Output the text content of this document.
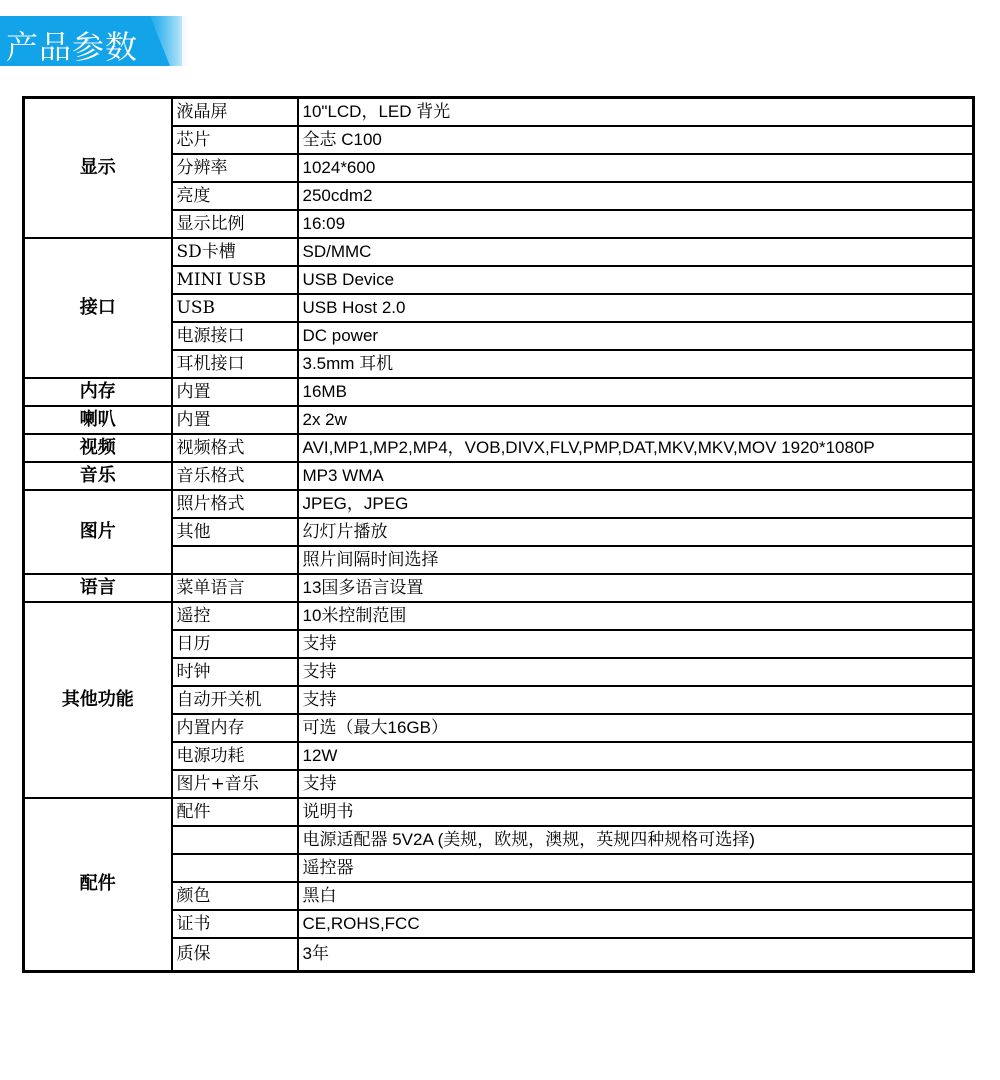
产品参数
显示	液晶屏	10"LCD，LED 背光
	芯片	全志 C100
	分辨率	1024*600
	亮度	250cdm2
	显示比例	16:09
接口	SD卡槽	SD/MMC
	MINI USB	USB Device
	USB	USB Host 2.0
	电源接口	DC power
	耳机接口	3.5mm 耳机
内存	内置	16MB
喇叭	内置	2x 2w
视频	视频格式	AVI,MP1,MP2,MP4，VOB,DIVX,FLV,PMP,DAT,MKV,MKV,MOV 1920*1080P
音乐	音乐格式	MP3 WMA
图片	照片格式	JPEG，JPEG
	其他	幻灯片播放
		照片间隔时间选择
语言	菜单语言	13国多语言设置
其他功能	遥控	10米控制范围
	日历	支持
	时钟	支持
	自动开关机	支持
	内置内存	可选（最大16GB）
	电源功耗	12W
	图片+音乐	支持
配件	配件	说明书
		电源适配器 5V2A (美规，欧规，澳规，英规四种规格可选择)
		遥控器
	颜色	黑白
	证书	CE,ROHS,FCC
	质保	3年
